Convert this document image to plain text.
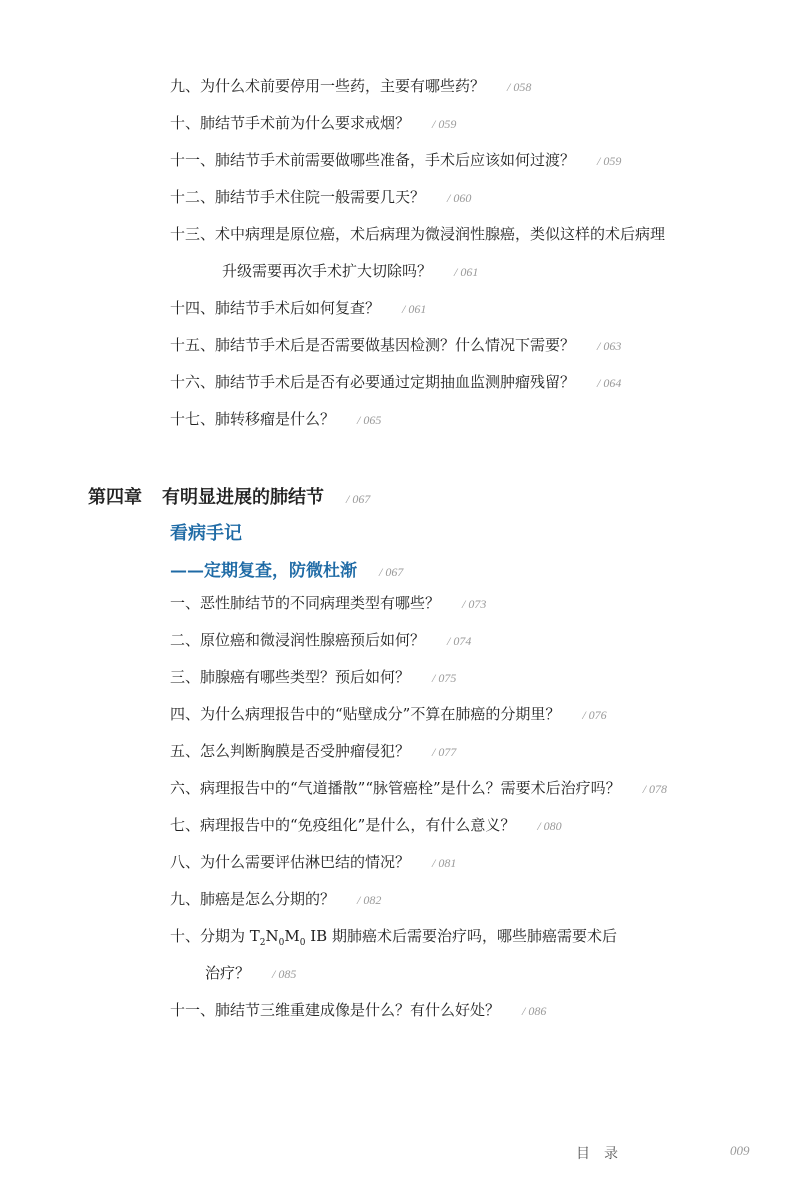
九、为什么术前要停用一些药，主要有哪些药？ / 058
十、肺结节手术前为什么要求戒烟？ / 059
十一、肺结节手术前需要做哪些准备，手术后应该如何过渡？ / 059
十二、肺结节手术住院一般需要几天？ / 060
十三、术中病理是原位癌，术后病理为微浸润性腺癌，类似这样的术后病理
升级需要再次手术扩大切除吗？ / 061
十四、肺结节手术后如何复查？ / 061
十五、肺结节手术后是否需要做基因检测？什么情况下需要？ / 063
十六、肺结节手术后是否有必要通过定期抽血监测肿瘤残留？ / 064
十七、肺转移瘤是什么？ / 065
第四章 有明显进展的肺结节 / 067
看病手记
——定期复查，防微杜渐 / 067
一、恶性肺结节的不同病理类型有哪些？ / 073
二、原位癌和微浸润性腺癌预后如何？ / 074
三、肺腺癌有哪些类型？预后如何？ / 075
四、为什么病理报告中的“贴壁成分”不算在肺癌的分期里？ / 076
五、怎么判断胸膜是否受肿瘤侵犯？ / 077
六、病理报告中的“气道播散”“脉管癌栓”是什么？需要术后治疗吗？ / 078
七、病理报告中的“免疫组化”是什么，有什么意义？ / 080
八、为什么需要评估淋巴结的情况？ / 081
九、肺癌是怎么分期的？ / 082
十、分期为 $T_2N_0M_0$ ⅠB 期肺癌术后需要治疗吗，哪些肺癌需要术后
治疗？ / 085
十一、肺结节三维重建成像是什么？有什么好处？ / 086
目录	009
